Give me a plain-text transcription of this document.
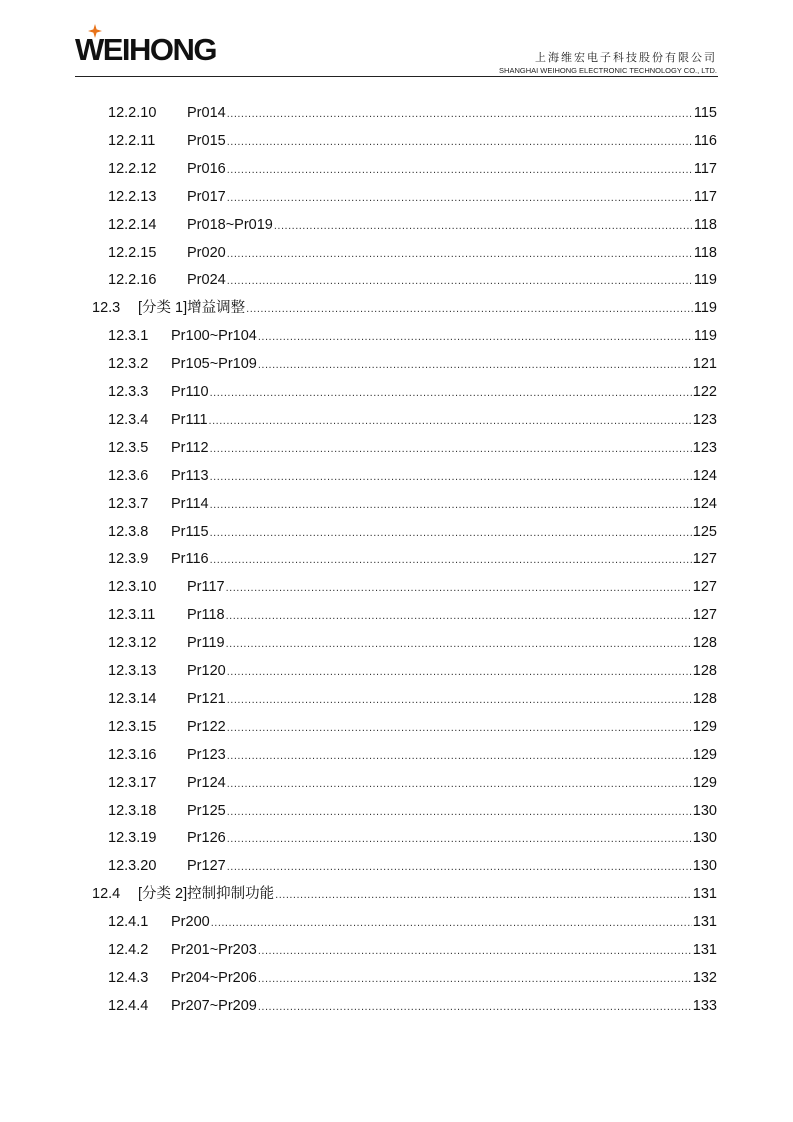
WEIHONG	上海维宏电子科技股份有限公司
SHANGHAI WEIHONG ELECTRONIC TECHNOLOGY CO., LTD.
12.2.10	Pr014 .....	115
12.2.11	Pr015 .....	116
12.2.12	Pr016 .....	117
12.2.13	Pr017 .....	117
12.2.14	Pr018~Pr019 .....	118
12.2.15	Pr020 .....	118
12.2.16	Pr024 .....	119
12.3	[分类 1]增益调整 .....	119
12.3.1	Pr100~Pr104 .....	119
12.3.2	Pr105~Pr109 .....	121
12.3.3	Pr110 .....	122
12.3.4	Pr111 .....	123
12.3.5	Pr112 .....	123
12.3.6	Pr113 .....	124
12.3.7	Pr114 .....	124
12.3.8	Pr115 .....	125
12.3.9	Pr116 .....	127
12.3.10	Pr117 .....	127
12.3.11	Pr118 .....	127
12.3.12	Pr119 .....	128
12.3.13	Pr120 .....	128
12.3.14	Pr121 .....	128
12.3.15	Pr122 .....	129
12.3.16	Pr123 .....	129
12.3.17	Pr124 .....	129
12.3.18	Pr125 .....	130
12.3.19	Pr126 .....	130
12.3.20	Pr127 .....	130
12.4	[分类 2]控制抑制功能 .....	131
12.4.1	Pr200 .....	131
12.4.2	Pr201~Pr203 .....	131
12.4.3	Pr204~Pr206 .....	132
12.4.4	Pr207~Pr209 .....	133
